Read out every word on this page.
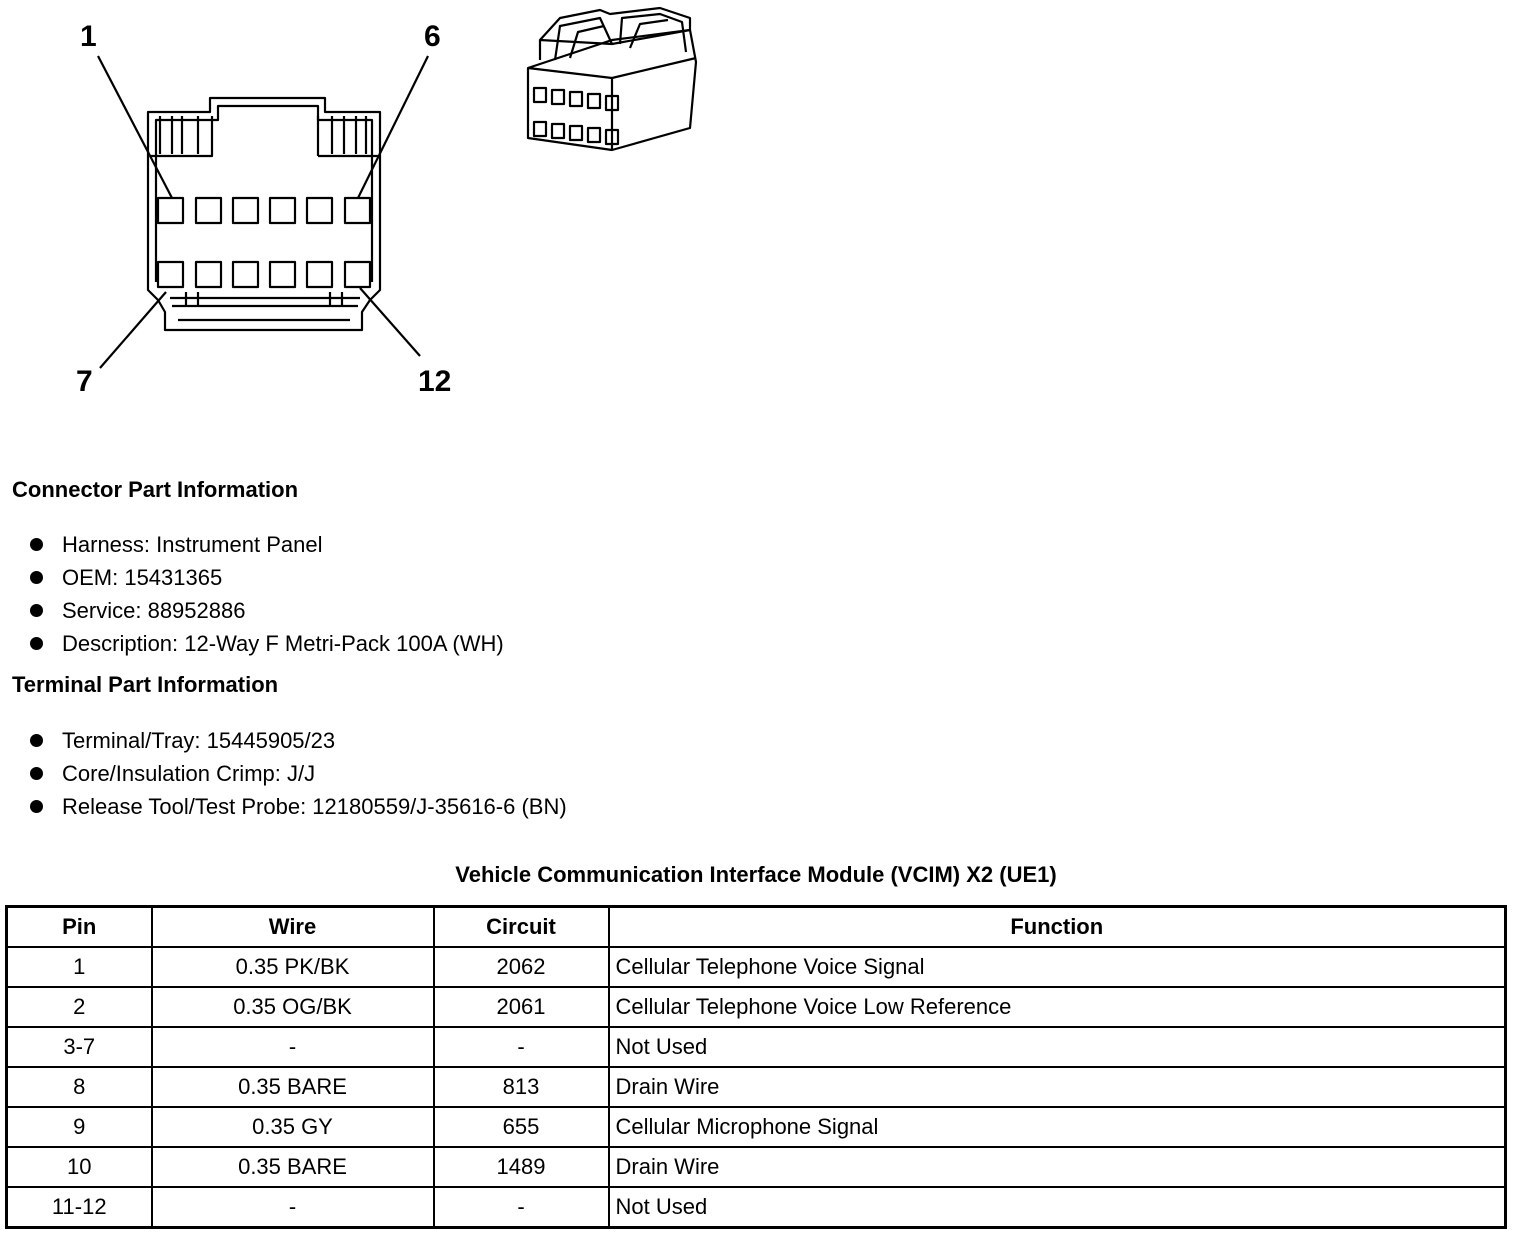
1	6
7	12
Connector Part Information
Harness: Instrument Panel
OEM: 15431365
Service: 88952886
Description: 12-Way F Metri-Pack 100A (WH)
Terminal Part Information
Terminal/Tray: 15445905/23
Core/Insulation Crimp: J/J
Release Tool/Test Probe: 12180559/J-35616-6 (BN)
Vehicle Communication Interface Module (VCIM) X2 (UE1)
Pin	Wire	Circuit	Function
1	0.35 PK/BK	2062	Cellular Telephone Voice Signal
2	0.35 OG/BK	2061	Cellular Telephone Voice Low Reference
3-7	-	-	Not Used
8	0.35 BARE	813	Drain Wire
9	0.35 GY	655	Cellular Microphone Signal
10	0.35 BARE	1489	Drain Wire
11-12	-	-	Not Used
